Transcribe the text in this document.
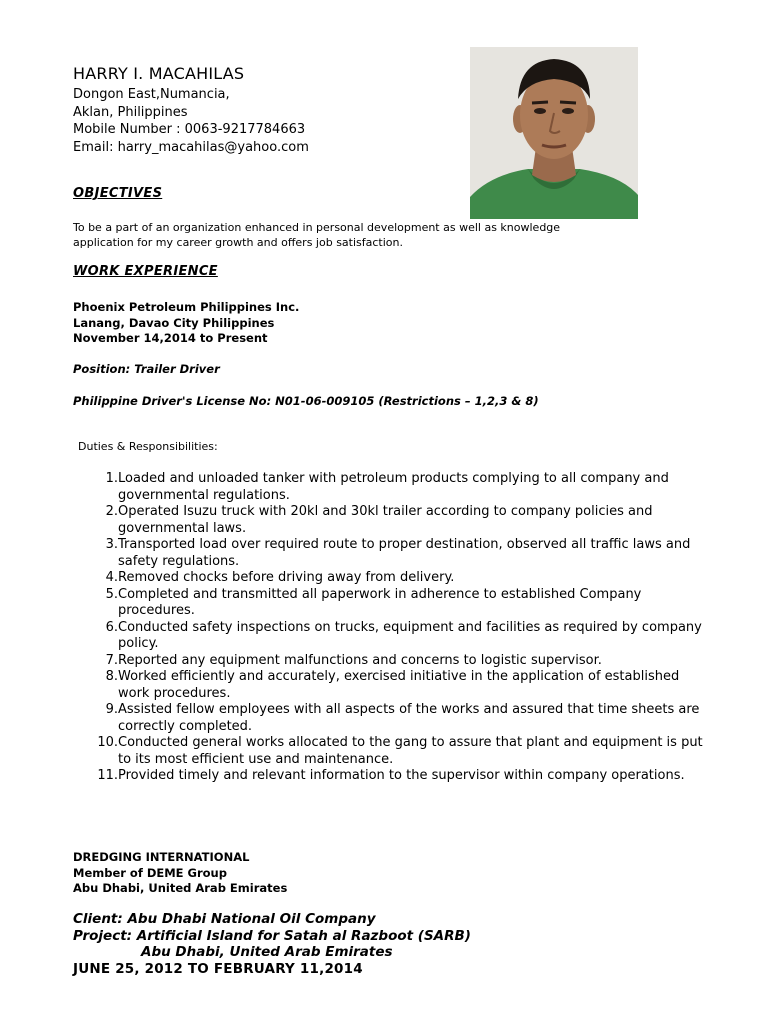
HARRY I. MACAHILAS
Dongon East,Numancia,
Aklan, Philippines
Mobile Number : 0063-9217784663
Email: harry_macahilas@yahoo.com
OBJECTIVES
To be a part of an organization enhanced in personal development as well as knowledge
application for my career growth and offers job satisfaction.
WORK EXPERIENCE
Phoenix Petroleum Philippines Inc.
Lanang, Davao City Philippines
November 14,2014 to Present
Position: Trailer Driver
Philippine Driver's License No: N01-06-009105 (Restrictions – 1,2,3 & 8)
Duties & Responsibilities:
1. Loaded and unloaded tanker with petroleum products complying to all company and governmental regulations.
2. Operated Isuzu truck with 20kl and 30kl trailer according to company policies and governmental laws.
3. Transported load over required route to proper destination, observed all traffic laws and safety regulations.
4. Removed chocks before driving away from delivery.
5. Completed and transmitted all paperwork in adherence to established Company procedures.
6. Conducted safety inspections on trucks, equipment and facilities as required by company policy.
7. Reported any equipment malfunctions and concerns to logistic supervisor.
8. Worked efficiently and accurately, exercised initiative in the application of established work procedures.
9. Assisted fellow employees with all aspects of the works and assured that time sheets are correctly completed.
10. Conducted general works allocated to the gang to assure that plant and equipment is put to its most efficient use and maintenance.
11. Provided timely and relevant information to the supervisor within company operations.
DREDGING INTERNATIONAL
Member of DEME Group
Abu Dhabi, United Arab Emirates
Client: Abu Dhabi National Oil Company
Project: Artificial Island for Satah al Razboot (SARB)
Abu Dhabi, United Arab Emirates
JUNE 25, 2012 TO FEBRUARY 11,2014
